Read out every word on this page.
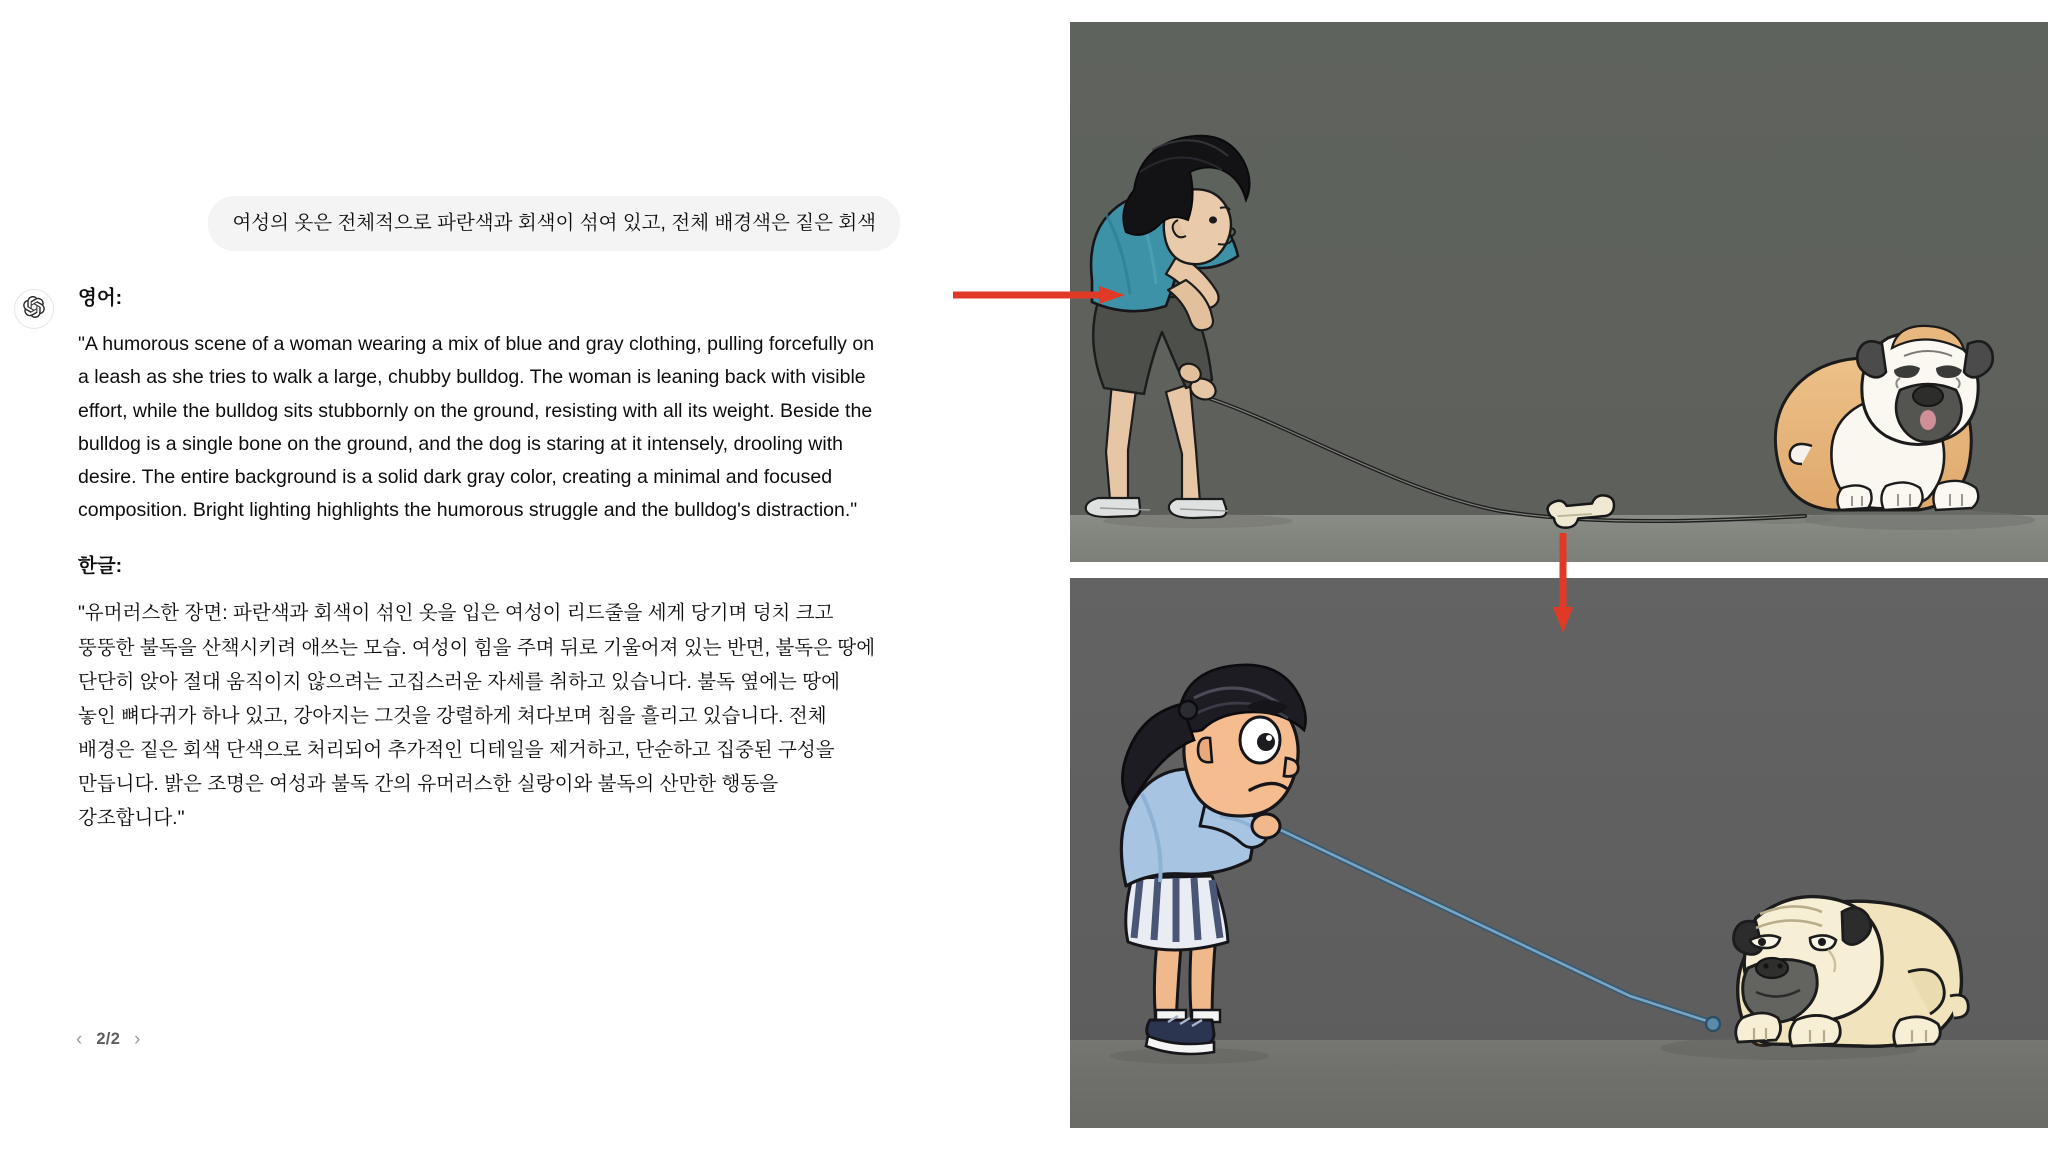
여성의 옷은 전체적으로 파란색과 회색이 섞여 있고, 전체 배경색은 짙은 회색

영어:

"A humorous scene of a woman wearing a mix of blue and gray clothing, pulling forcefully on a leash as she tries to walk a large, chubby bulldog. The woman is leaning back with visible effort, while the bulldog sits stubbornly on the ground, resisting with all its weight. Beside the bulldog is a single bone on the ground, and the dog is staring at it intensely, drooling with desire. The entire background is a solid dark gray color, creating a minimal and focused composition. Bright lighting highlights the humorous struggle and the bulldog's distraction."

한글:

"유머러스한 장면: 파란색과 회색이 섞인 옷을 입은 여성이 리드줄을 세게 당기며 덩치 크고 뚱뚱한 불독을 산책시키려 애쓰는 모습. 여성이 힘을 주며 뒤로 기울어져 있는 반면, 불독은 땅에 단단히 앉아 절대 움직이지 않으려는 고집스러운 자세를 취하고 있습니다. 불독 옆에는 땅에 놓인 뼈다귀가 하나 있고, 강아지는 그것을 강렬하게 쳐다보며 침을 흘리고 있습니다. 전체 배경은 짙은 회색 단색으로 처리되어 추가적인 디테일을 제거하고, 단순하고 집중된 구성을 만듭니다. 밝은 조명은 여성과 불독 간의 유머러스한 실랑이와 불독의 산만한 행동을 강조합니다."

‹ 2/2 ›
